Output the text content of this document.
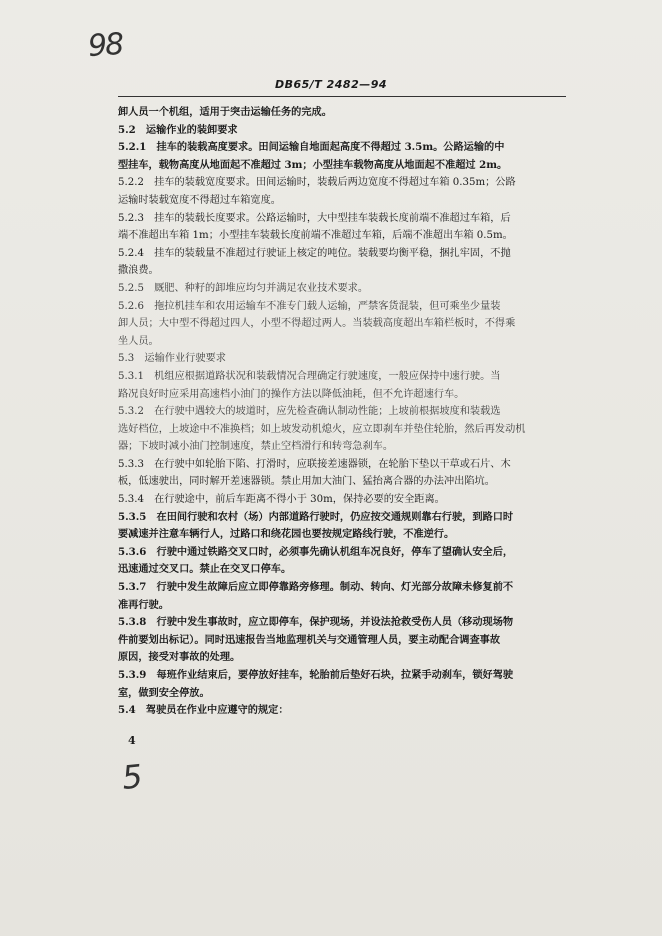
98
DB65/T 2482—94
卸人员一个机组，适用于突击运输任务的完成。
5.2　运输作业的装卸要求
5.2.1　挂车的装载高度要求。田间运输自地面起高度不得超过 3.5m。公路运输的中
型挂车，载物高度从地面起不准超过 3m；小型挂车载物高度从地面起不准超过 2m。
5.2.2　挂车的装载宽度要求。田间运输时，装载后两边宽度不得超过车箱 0.35m；公路
运输时装载宽度不得超过车箱宽度。
5.2.3　挂车的装载长度要求。公路运输时，大中型挂车装载长度前端不准超过车箱，后
端不准超出车箱 1m；小型挂车装载长度前端不准超过车箱，后端不准超出车箱 0.5m。
5.2.4　挂车的装载量不准超过行驶证上核定的吨位。装载要均衡平稳，捆扎牢固，不抛
撒浪费。
5.2.5　厩肥、种籽的卸堆应均匀并满足农业技术要求。
5.2.6　拖拉机挂车和农用运输车不准专门载人运输，严禁客货混装，但可乘坐少量装
卸人员；大中型不得超过四人，小型不得超过两人。当装载高度超出车箱栏板时，不得乘
坐人员。
5.3　运输作业行驶要求
5.3.1　机组应根据道路状况和装载情况合理确定行驶速度，一般应保持中速行驶。当
路况良好时应采用高速档小油门的操作方法以降低油耗，但不允许超速行车。
5.3.2　在行驶中遇较大的坡道时，应先检查确认制动性能；上坡前根据坡度和装载选
选好档位，上坡途中不准换档；如上坡发动机熄火，应立即刹车并垫住轮胎，然后再发动机
器；下坡时减小油门控制速度，禁止空档滑行和转弯急刹车。
5.3.3　在行驶中如轮胎下陷、打滑时，应联接差速器锁，在轮胎下垫以干草或石片、木
板，低速驶出，同时解开差速器锁。禁止用加大油门、猛抬离合器的办法冲出陷坑。
5.3.4　在行驶途中，前后车距离不得小于 30m，保持必要的安全距离。
5.3.5　在田间行驶和农村（场）内部道路行驶时，仍应按交通规则靠右行驶，到路口时
要减速并注意车辆行人，过路口和绕花园也要按规定路线行驶，不准逆行。
5.3.6　行驶中通过铁路交叉口时，必须事先确认机组车况良好，停车了望确认安全后，
迅速通过交叉口。禁止在交叉口停车。
5.3.7　行驶中发生故障后应立即停靠路旁修理。制动、转向、灯光部分故障未修复前不
准再行驶。
5.3.8　行驶中发生事故时，应立即停车，保护现场，并设法抢救受伤人员（移动现场物
件前要划出标记）。同时迅速报告当地监理机关与交通管理人员，要主动配合调查事故
原因，接受对事故的处理。
5.3.9　每班作业结束后，要停放好挂车，轮胎前后垫好石块，拉紧手动刹车，锁好驾驶
室，做到安全停放。
5.4　驾驶员在作业中应遵守的规定：
4
5
